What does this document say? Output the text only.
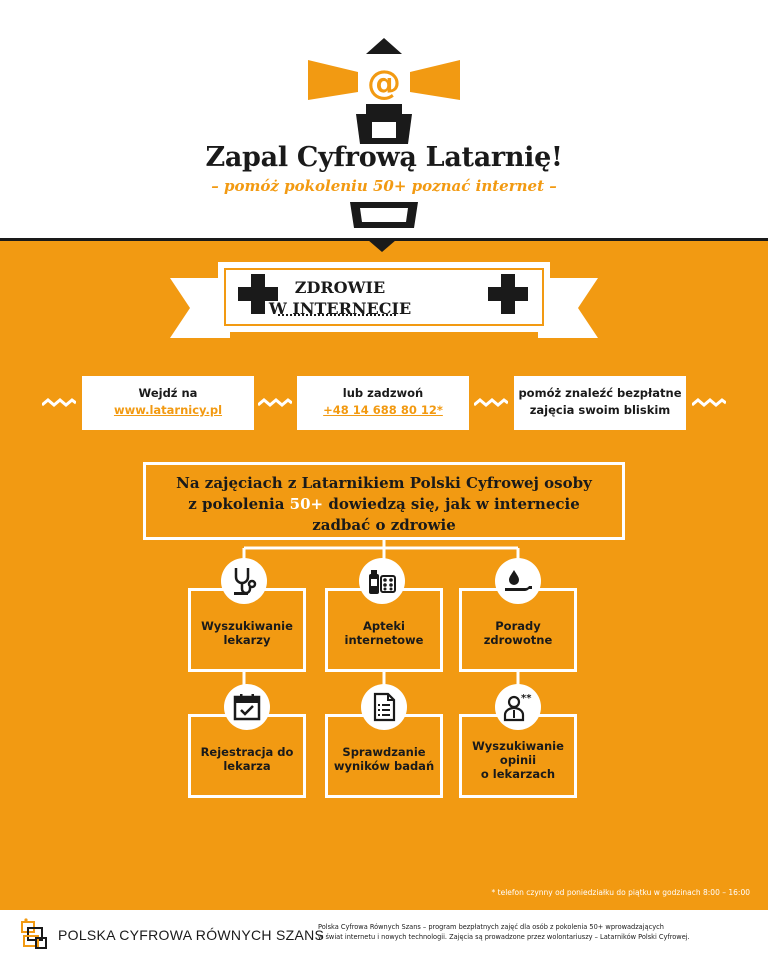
@
Zapal Cyfrową Latarnię!
– pomóż pokoleniu 50+ poznać internet –
ZDROWIE
W INTERNECIE
Wejdź na
www.latarnicy.pl
lub zadzwoń
+48 14 688 80 12*
pomóż znaleźć bezpłatne
zajęcia swoim bliskim
Na zajęciach z Latarnikiem Polski Cyfrowej osoby
z pokolenia 50+ dowiedzą się, jak w internecie
zadbać o zdrowie
Wyszukiwanie
lekarzy
Apteki
internetowe
Porady
zdrowotne
Rejestracja do
lekarza
Sprawdzanie
wyników badań
Wyszukiwanie
opinii
o lekarzach
**
* telefon czynny od poniedziałku do piątku w godzinach 8:00 – 16:00
POLSKA CYFROWA RÓWNYCH SZANS
Polska Cyfrowa Równych Szans – program bezpłatnych zajęć dla osób z pokolenia 50+ wprowadzających
w świat internetu i nowych technologii. Zajęcia są prowadzone przez wolontariuszy – Latarników Polski Cyfrowej.
